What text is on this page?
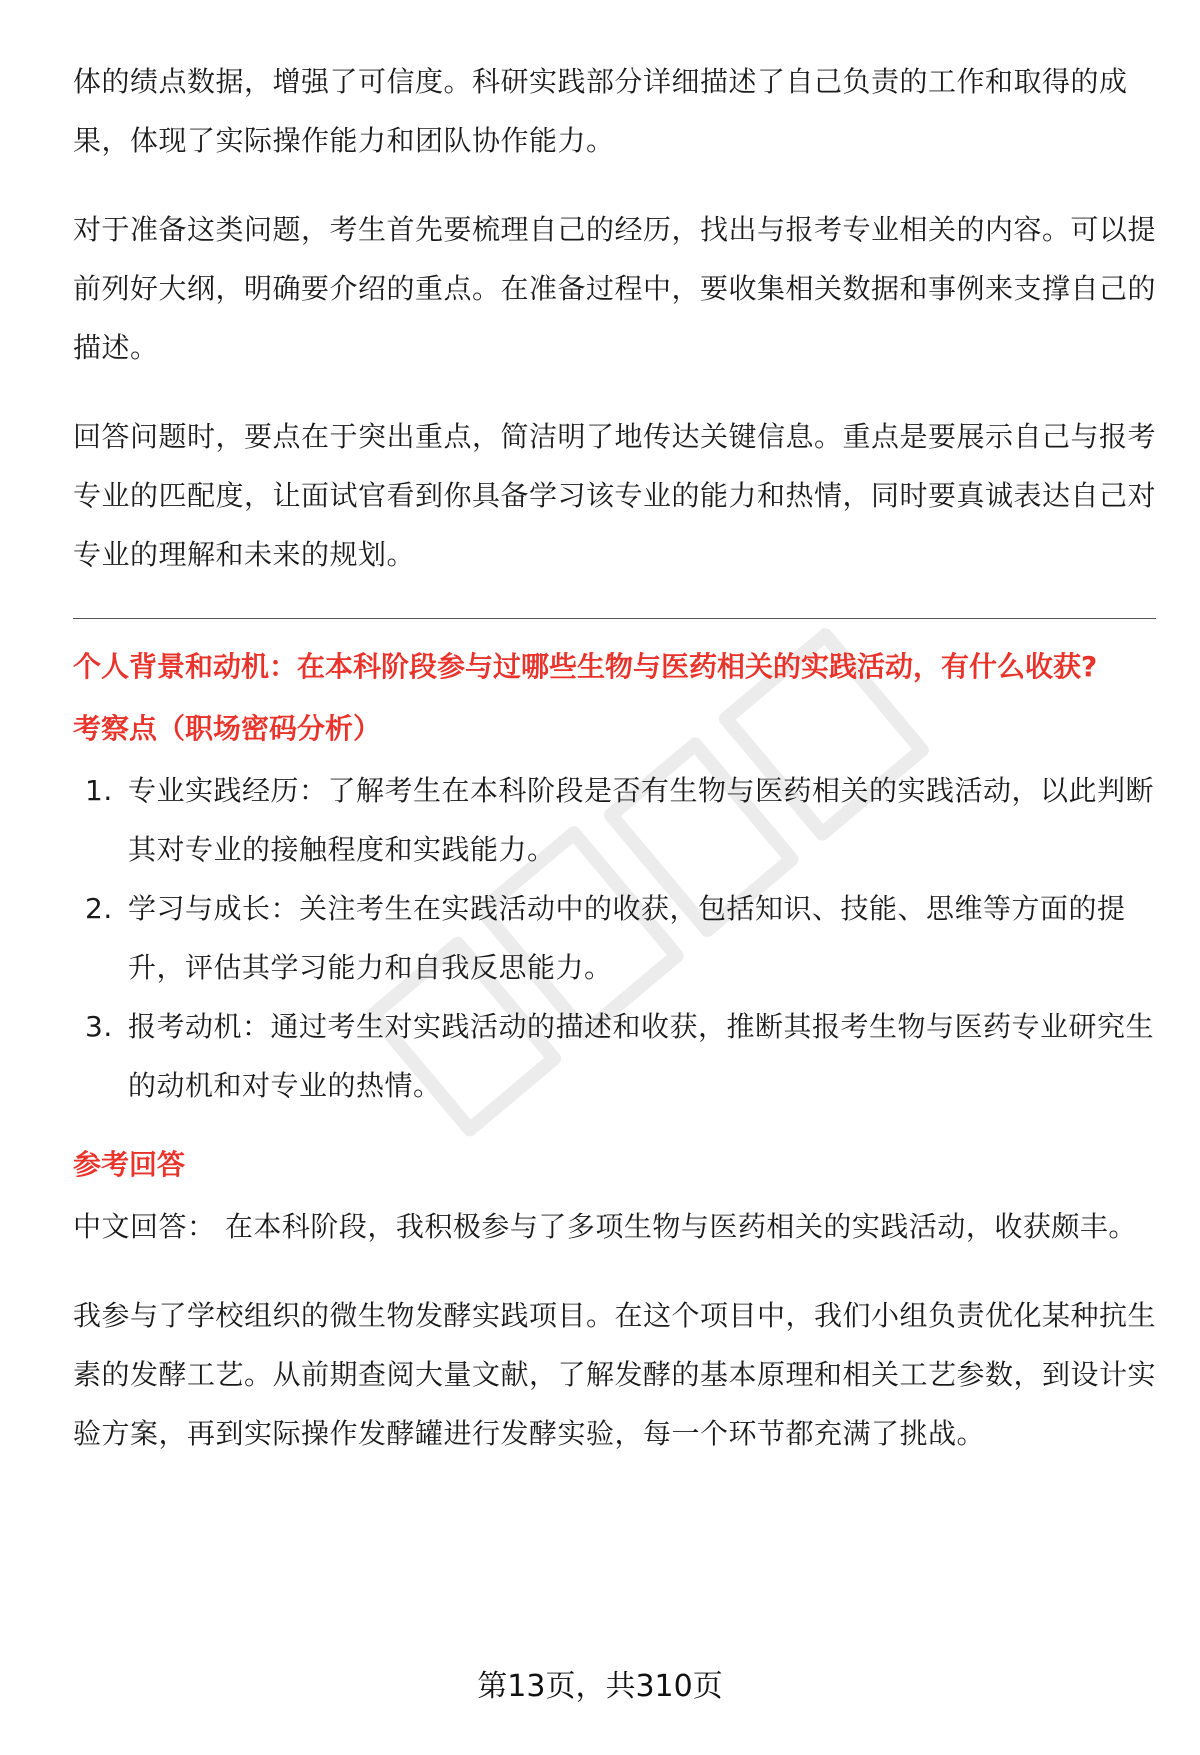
体的绩点数据，增强了可信度。科研实践部分详细描述了自己负责的工作和取得的成果，体现了实际操作能力和团队协作能力。

对于准备这类问题，考生首先要梳理自己的经历，找出与报考专业相关的内容。可以提前列好大纲，明确要介绍的重点。在准备过程中，要收集相关数据和事例来支撑自己的描述。

回答问题时，要点在于突出重点，简洁明了地传达关键信息。重点是要展示自己与报考专业的匹配度，让面试官看到你具备学习该专业的能力和热情，同时要真诚表达自己对专业的理解和未来的规划。

个人背景和动机：在本科阶段参与过哪些生物与医药相关的实践活动，有什么收获?

考察点（职场密码分析）

1. 专业实践经历：了解考生在本科阶段是否有生物与医药相关的实践活动，以此判断其对专业的接触程度和实践能力。
2. 学习与成长：关注考生在实践活动中的收获，包括知识、技能、思维等方面的提升，评估其学习能力和自我反思能力。
3. 报考动机：通过考生对实践活动的描述和收获，推断其报考生物与医药专业研究生的动机和对专业的热情。

参考回答

中文回答： 在本科阶段，我积极参与了多项生物与医药相关的实践活动，收获颇丰。

我参与了学校组织的微生物发酵实践项目。在这个项目中，我们小组负责优化某种抗生素的发酵工艺。从前期查阅大量文献，了解发酵的基本原理和相关工艺参数，到设计实验方案，再到实际操作发酵罐进行发酵实验，每一个环节都充满了挑战。

第13页，共310页
